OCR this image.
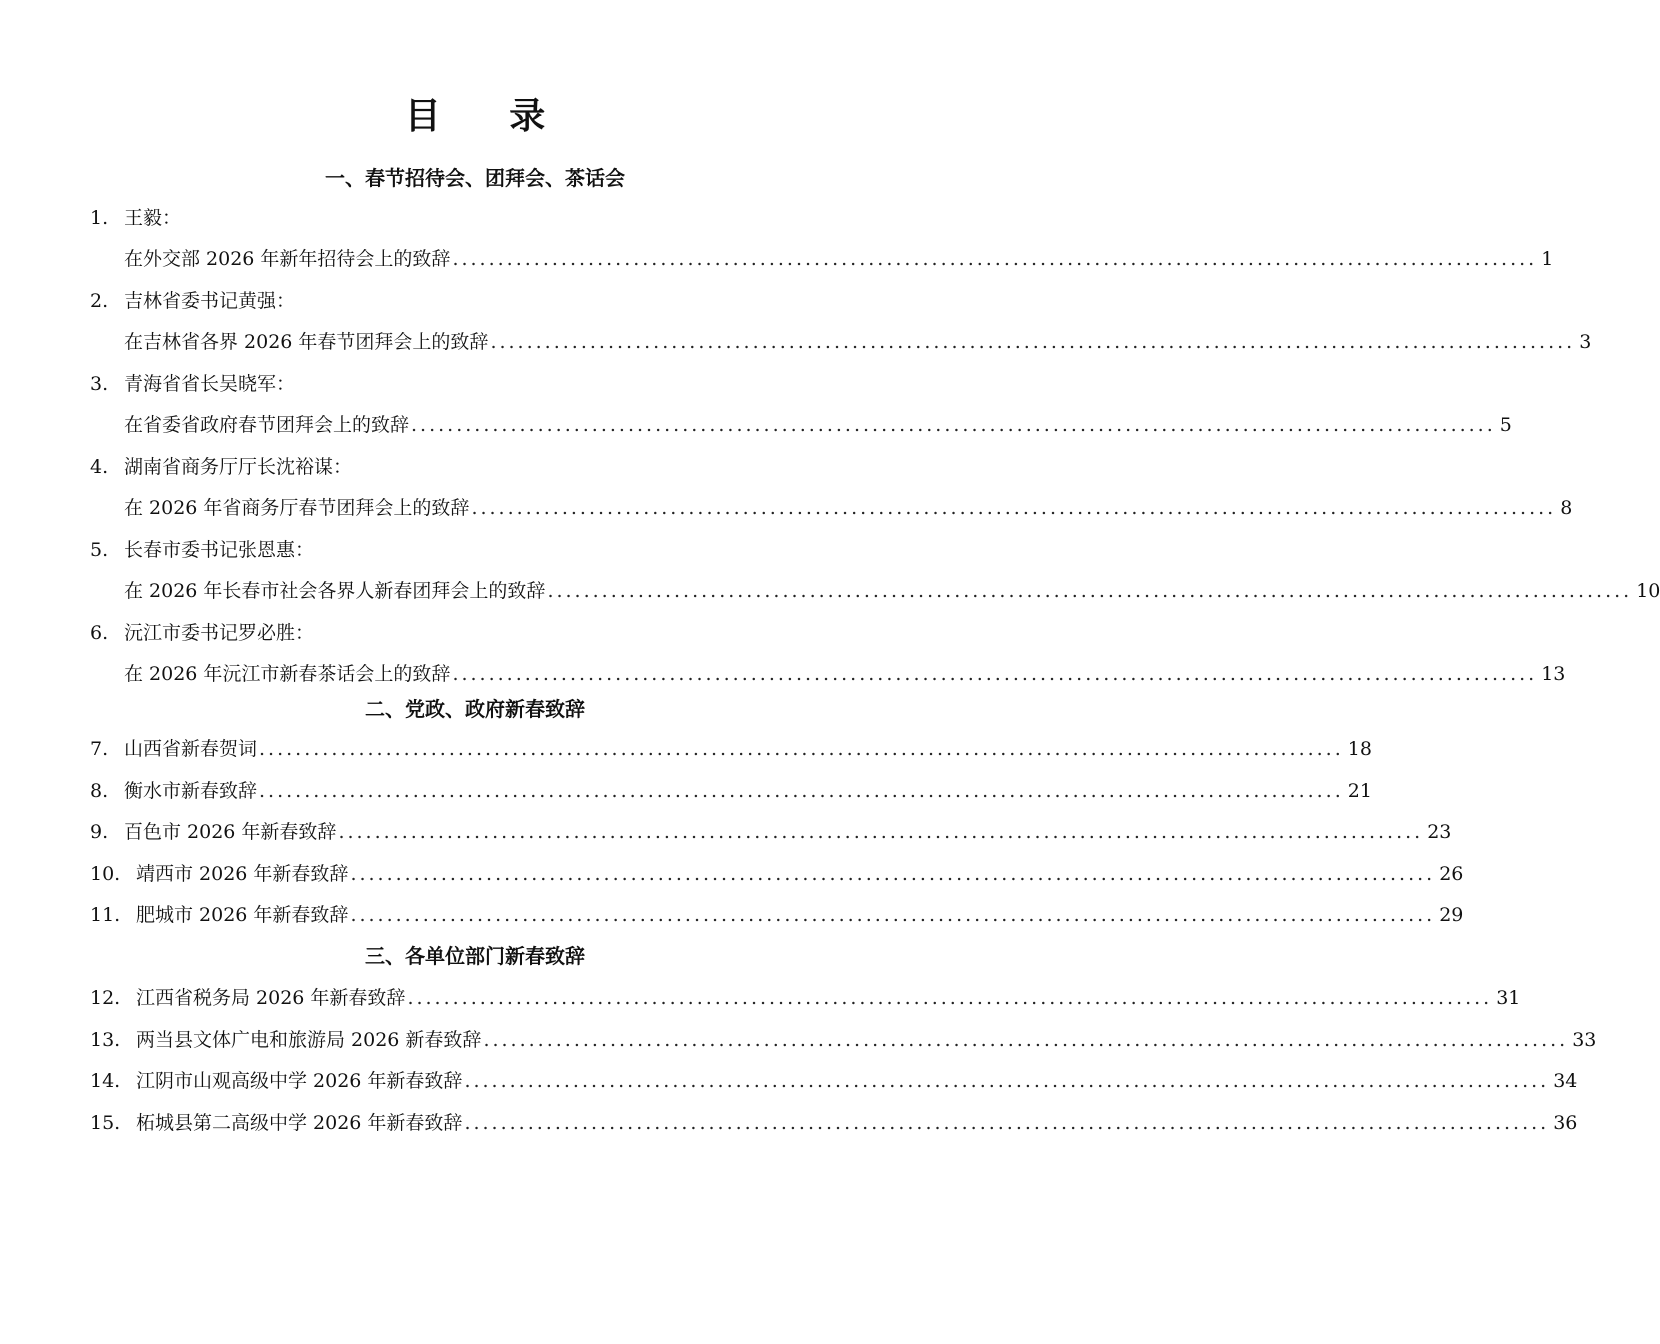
目 录
一、春节招待会、团拜会、茶话会
1. 王毅：
在外交部 2026 年新年招待会上的致辞 ........................................................................................................................ 1
2. 吉林省委书记黄强：
在吉林省各界 2026 年春节团拜会上的致辞 ........................................................................................................................ 3
3. 青海省省长吴晓军：
在省委省政府春节团拜会上的致辞 ........................................................................................................................ 5
4. 湖南省商务厅厅长沈裕谋：
在 2026 年省商务厅春节团拜会上的致辞 ........................................................................................................................ 8
5. 长春市委书记张恩惠：
在 2026 年长春市社会各界人新春团拜会上的致辞 ........................................................................................................................ 10
6. 沅江市委书记罗必胜：
在 2026 年沅江市新春茶话会上的致辞 ........................................................................................................................ 13
二、党政、政府新春致辞
7. 山西省新春贺词 ........................................................................................................................ 18
8. 衡水市新春致辞 ........................................................................................................................ 21
9. 百色市 2026 年新春致辞 ........................................................................................................................ 23
10. 靖西市 2026 年新春致辞 ........................................................................................................................ 26
11. 肥城市 2026 年新春致辞 ........................................................................................................................ 29
三、各单位部门新春致辞
12. 江西省税务局 2026 年新春致辞 ........................................................................................................................ 31
13. 两当县文体广电和旅游局 2026 新春致辞 ........................................................................................................................ 33
14. 江阴市山观高级中学 2026 年新春致辞 ........................................................................................................................ 34
15. 柘城县第二高级中学 2026 年新春致辞 ........................................................................................................................ 36
